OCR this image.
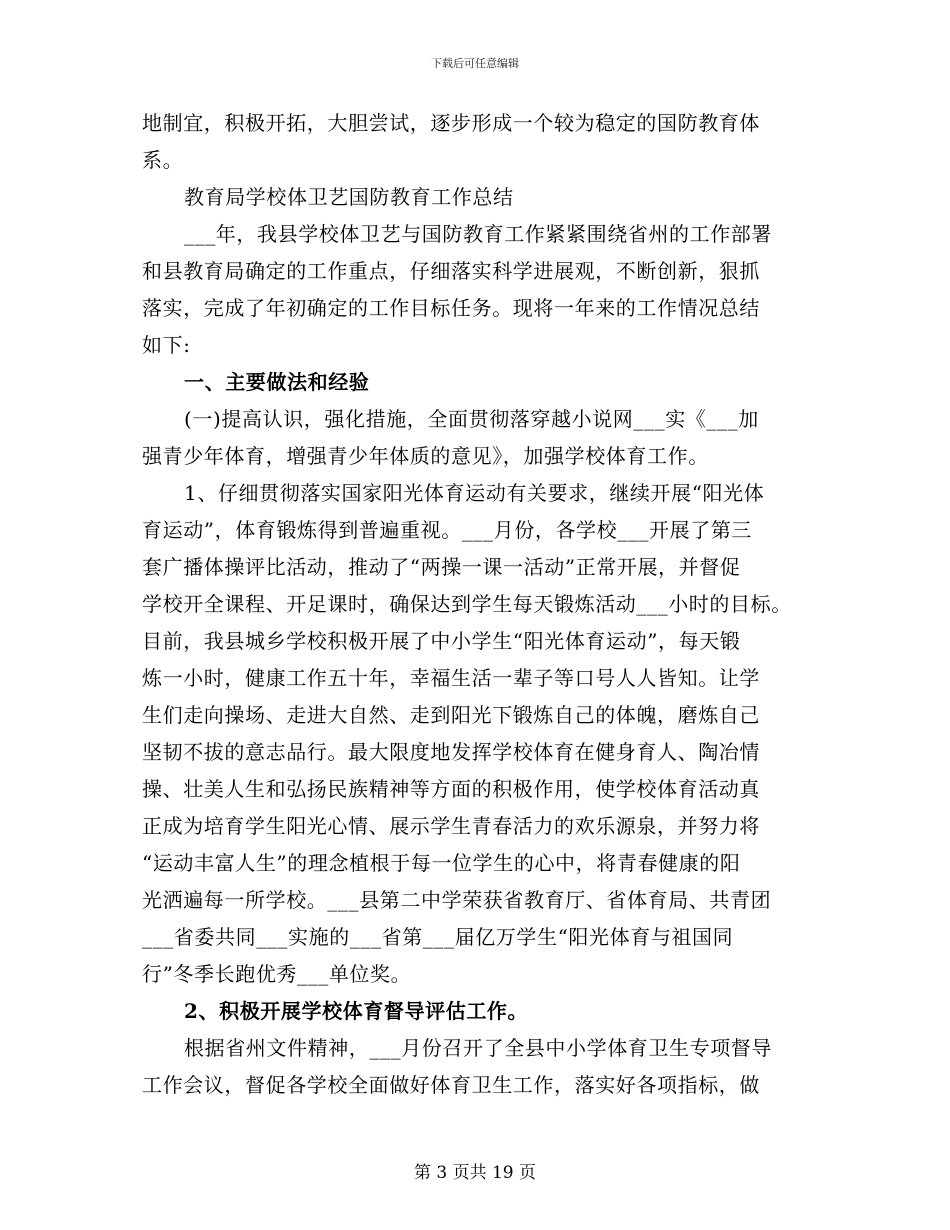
下载后可任意编辑
地制宜，积极开拓，大胆尝试，逐步形成一个较为稳定的国防教育体
系。
教育局学校体卫艺国防教育工作总结
___年，我县学校体卫艺与国防教育工作紧紧围绕省州的工作部署
和县教育局确定的工作重点，仔细落实科学进展观，不断创新，狠抓
落实，完成了年初确定的工作目标任务。现将一年来的工作情况总结
如下:
一、主要做法和经验
(一)提高认识，强化措施，全面贯彻落穿越小说网___实《___加
强青少年体育，增强青少年体质的意见》，加强学校体育工作。
1、仔细贯彻落实国家阳光体育运动有关要求，继续开展“阳光体
育运动”，体育锻炼得到普遍重视。___月份，各学校___开展了第三
套广播体操评比活动，推动了“两操一课一活动”正常开展，并督促
学校开全课程、开足课时，确保达到学生每天锻炼活动___小时的目标。
目前，我县城乡学校积极开展了中小学生“阳光体育运动”，每天锻
炼一小时，健康工作五十年，幸福生活一辈子等口号人人皆知。让学
生们走向操场、走进大自然、走到阳光下锻炼自己的体魄，磨炼自己
坚韧不拔的意志品行。最大限度地发挥学校体育在健身育人、陶冶情
操、壮美人生和弘扬民族精神等方面的积极作用，使学校体育活动真
正成为培育学生阳光心情、展示学生青春活力的欢乐源泉，并努力将
“运动丰富人生”的理念植根于每一位学生的心中，将青春健康的阳
光洒遍每一所学校。___县第二中学荣获省教育厅、省体育局、共青团
___省委共同___实施的___省第___届亿万学生“阳光体育与祖国同
行”冬季长跑优秀___单位奖。
2、积极开展学校体育督导评估工作。
根据省州文件精神，___月份召开了全县中小学体育卫生专项督导
工作会议，督促各学校全面做好体育卫生工作，落实好各项指标，做
第 3 页共 19 页
